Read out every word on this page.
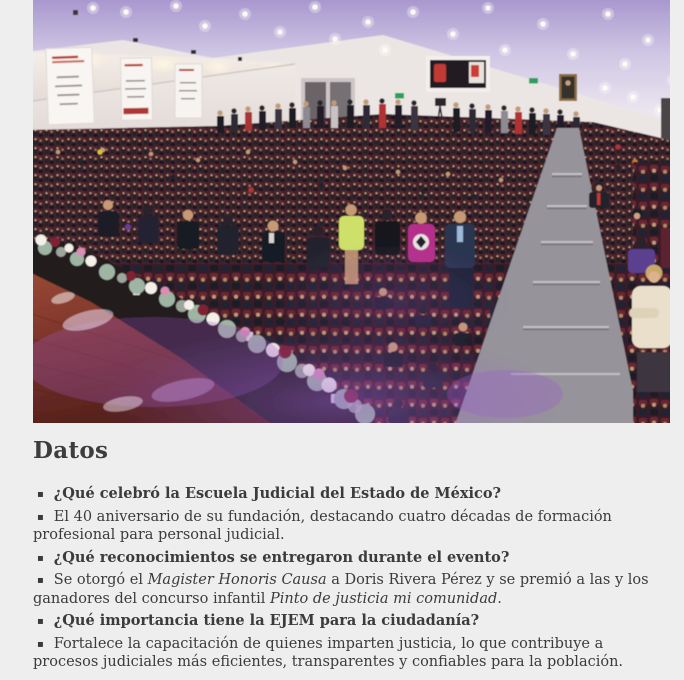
Datos
▪ ¿Qué celebró la Escuela Judicial del Estado de México?
▪ El 40 aniversario de su fundación, destacando cuatro décadas de formación profesional para personal judicial.
▪ ¿Qué reconocimientos se entregaron durante el evento?
▪ Se otorgó el Magister Honoris Causa a Doris Rivera Pérez y se premió a las y los ganadores del concurso infantil Pinto de justicia mi comunidad.
▪ ¿Qué importancia tiene la EJEM para la ciudadanía?
▪ Fortalece la capacitación de quienes imparten justicia, lo que contribuye a procesos judiciales más eficientes, transparentes y confiables para la población.
